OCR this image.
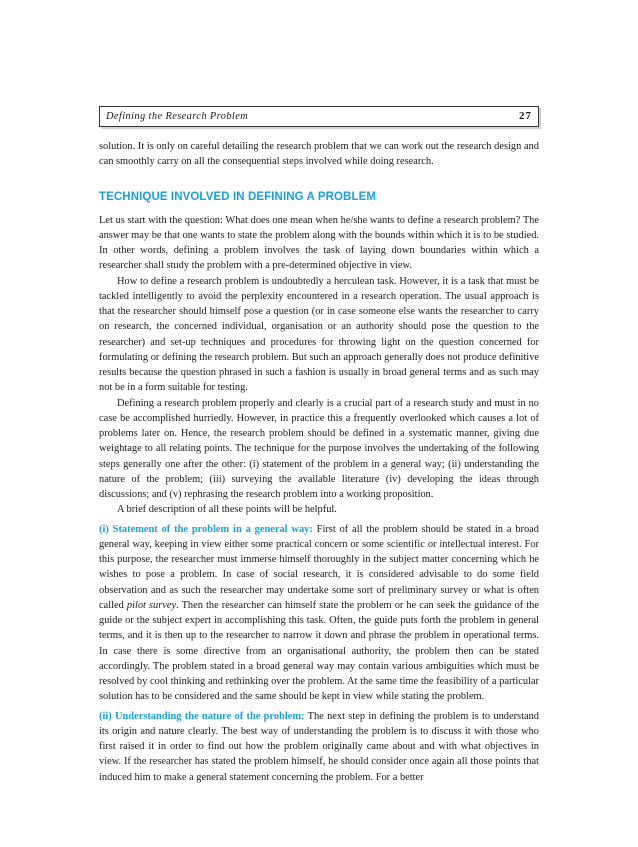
Defining the Research Problem	27

solution. It is only on careful detailing the research problem that we can work out the research design and can smoothly carry on all the consequential steps involved while doing research.

TECHNIQUE INVOLVED IN DEFINING A PROBLEM

Let us start with the question: What does one mean when he/she wants to define a research problem? The answer may be that one wants to state the problem along with the bounds within which it is to be studied. In other words, defining a problem involves the task of laying down boundaries within which a researcher shall study the problem with a pre-determined objective in view.

How to define a research problem is undoubtedly a herculean task. However, it is a task that must be tackled intelligently to avoid the perplexity encountered in a research operation. The usual approach is that the researcher should himself pose a question (or in case someone else wants the researcher to carry on research, the concerned individual, organisation or an authority should pose the question to the researcher) and set-up techniques and procedures for throwing light on the question concerned for formulating or defining the research problem. But such an approach generally does not produce definitive results because the question phrased in such a fashion is usually in broad general terms and as such may not be in a form suitable for testing.

Defining a research problem properly and clearly is a crucial part of a research study and must in no case be accomplished hurriedly. However, in practice this a frequently overlooked which causes a lot of problems later on. Hence, the research problem should be defined in a systematic manner, giving due weightage to all relating points. The technique for the purpose involves the undertaking of the following steps generally one after the other: (i) statement of the problem in a general way; (ii) understanding the nature of the problem; (iii) surveying the available literature (iv) developing the ideas through discussions; and (v) rephrasing the research problem into a working proposition.

A brief description of all these points will be helpful.

(i) Statement of the problem in a general way: First of all the problem should be stated in a broad general way, keeping in view either some practical concern or some scientific or intellectual interest. For this purpose, the researcher must immerse himself thoroughly in the subject matter concerning which he wishes to pose a problem. In case of social research, it is considered advisable to do some field observation and as such the researcher may undertake some sort of preliminary survey or what is often called pilot survey. Then the researcher can himself state the problem or he can seek the guidance of the guide or the subject expert in accomplishing this task. Often, the guide puts forth the problem in general terms, and it is then up to the researcher to narrow it down and phrase the problem in operational terms. In case there is some directive from an organisational authority, the problem then can be stated accordingly. The problem stated in a broad general way may contain various ambiguities which must be resolved by cool thinking and rethinking over the problem. At the same time the feasibility of a particular solution has to be considered and the same should be kept in view while stating the problem.

(ii) Understanding the nature of the problem: The next step in defining the problem is to understand its origin and nature clearly. The best way of understanding the problem is to discuss it with those who first raised it in order to find out how the problem originally came about and with what objectives in view. If the researcher has stated the problem himself, he should consider once again all those points that induced him to make a general statement concerning the problem. For a better
